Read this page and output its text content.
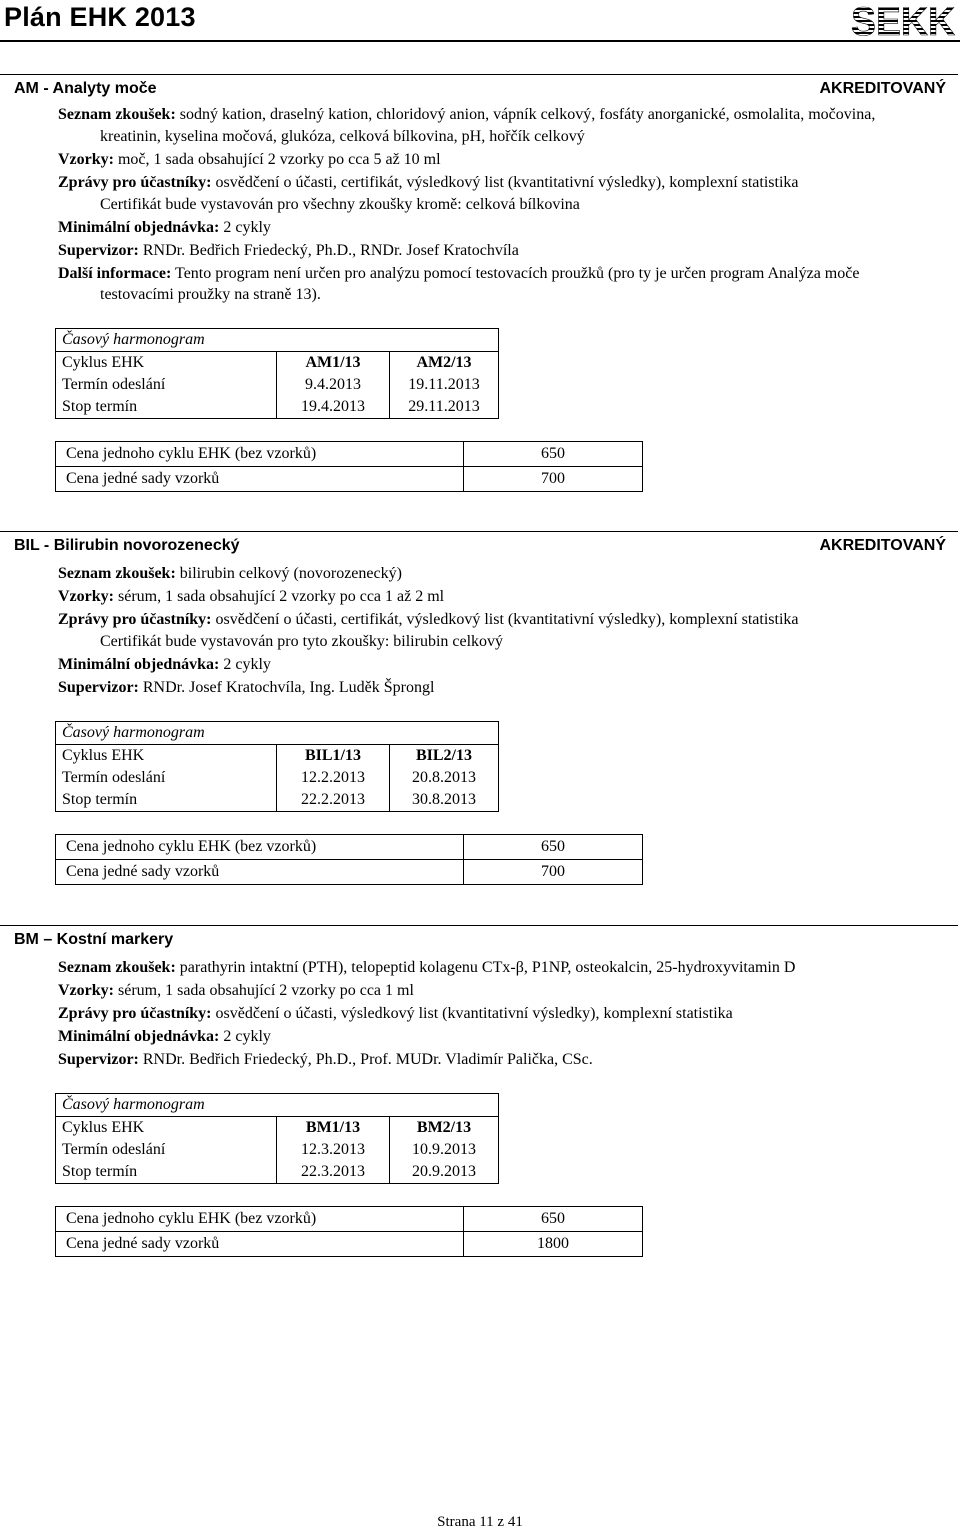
Plán EHK 2013	SEKK
AM - Analyty moče	AKREDITOVANÝ
Seznam zkoušek: sodný kation, draselný kation, chloridový anion, vápník celkový, fosfáty anorganické, osmolalita, močovina,
kreatinin, kyselina močová, glukóza, celková bílkovina, pH, hořčík celkový
Vzorky: moč, 1 sada obsahující 2 vzorky po cca 5 až 10 ml
Zprávy pro účastníky: osvědčení o účasti, certifikát, výsledkový list (kvantitativní výsledky), komplexní statistika
Certifikát bude vystavován pro všechny zkoušky kromě: celková bílkovina
Minimální objednávka: 2 cykly
Supervizor: RNDr. Bedřich Friedecký, Ph.D., RNDr. Josef Kratochvíla
Další informace: Tento program není určen pro analýzu pomocí testovacích proužků (pro ty je určen program Analýza moče
testovacími proužky na straně 13).
Časový harmonogram		
Cyklus EHK	AM1/13	AM2/13
Termín odeslání	9.4.2013	19.11.2013
Stop termín	19.4.2013	29.11.2013
Cena jednoho cyklu EHK (bez vzorků)	650
Cena jedné sady vzorků	700
BIL - Bilirubin novorozenecký	AKREDITOVANÝ
Seznam zkoušek: bilirubin celkový (novorozenecký)
Vzorky: sérum, 1 sada obsahující 2 vzorky po cca 1 až 2 ml
Zprávy pro účastníky: osvědčení o účasti, certifikát, výsledkový list (kvantitativní výsledky), komplexní statistika
Certifikát bude vystavován pro tyto zkoušky: bilirubin celkový
Minimální objednávka: 2 cykly
Supervizor: RNDr. Josef Kratochvíla, Ing. Luděk Šprongl
Časový harmonogram		
Cyklus EHK	BIL1/13	BIL2/13
Termín odeslání	12.2.2013	20.8.2013
Stop termín	22.2.2013	30.8.2013
Cena jednoho cyklu EHK (bez vzorků)	650
Cena jedné sady vzorků	700
BM – Kostní markery
Seznam zkoušek: parathyrin intaktní (PTH), telopeptid kolagenu CTx-β, P1NP, osteokalcin, 25-hydroxyvitamin D
Vzorky: sérum, 1 sada obsahující 2 vzorky po cca 1 ml
Zprávy pro účastníky: osvědčení o účasti, výsledkový list (kvantitativní výsledky), komplexní statistika
Minimální objednávka: 2 cykly
Supervizor: RNDr. Bedřich Friedecký, Ph.D., Prof. MUDr. Vladimír Palička, CSc.
Časový harmonogram		
Cyklus EHK	BM1/13	BM2/13
Termín odeslání	12.3.2013	10.9.2013
Stop termín	22.3.2013	20.9.2013
Cena jednoho cyklu EHK (bez vzorků)	650
Cena jedné sady vzorků	1800
Strana 11 z 41
